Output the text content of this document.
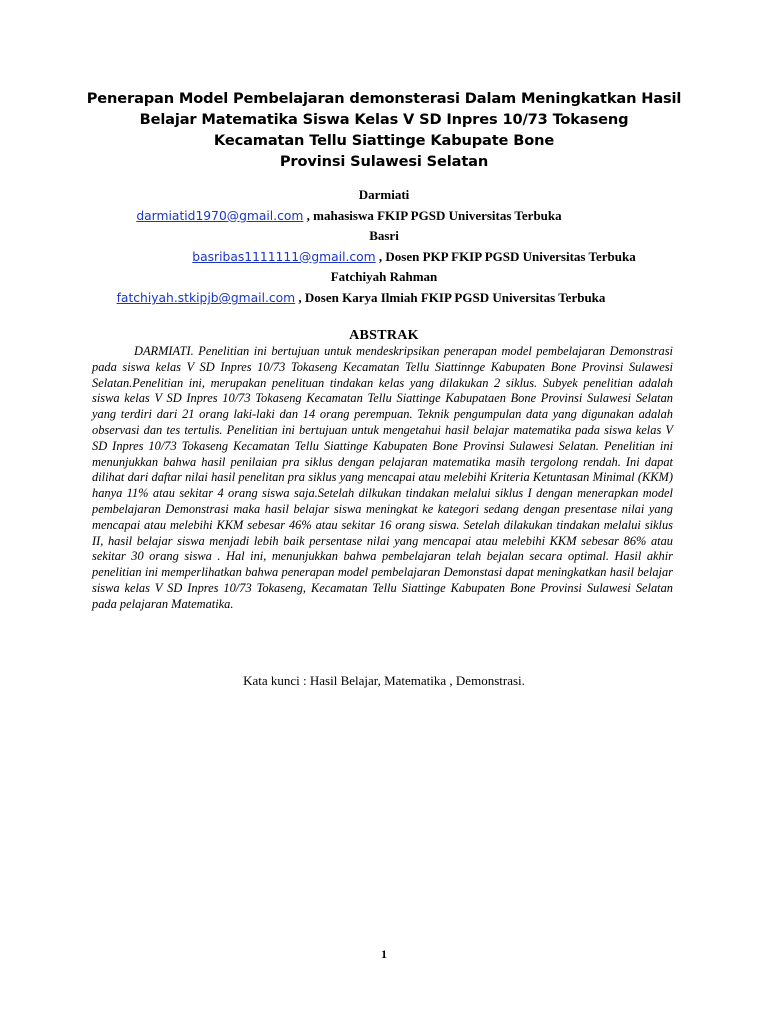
Penerapan Model Pembelajaran demonsterasi Dalam Meningkatkan Hasil
Belajar Matematika Siswa Kelas V SD Inpres 10/73 Tokaseng
Kecamatan Tellu Siattinge Kabupate Bone
Provinsi Sulawesi Selatan
Darmiati
darmiatid1970@gmail.com , mahasiswa FKIP PGSD Universitas Terbuka
Basri
basribas1111111@gmail.com , Dosen PKP FKIP PGSD Universitas Terbuka
Fatchiyah Rahman
fatchiyah.stkipjb@gmail.com , Dosen Karya Ilmiah FKIP PGSD Universitas Terbuka
ABSTRAK

DARMIATI. Penelitian ini bertujuan untuk mendeskripsikan penerapan model pembelajaran Demonstrasi pada siswa kelas V SD Inpres 10/73 Tokaseng Kecamatan Tellu Siattinnge Kabupaten Bone Provinsi Sulawesi Selatan.Penelitian ini, merupakan penelituan tindakan kelas yang dilakukan 2 siklus. Subyek penelitian adalah siswa kelas V SD Inpres 10/73 Tokaseng Kecamatan Tellu Siattinge Kabupataen Bone Provinsi Sulawesi Selatan yang terdiri dari 21 orang laki-laki dan 14 orang perempuan. Teknik pengumpulan data yang digunakan adalah observasi dan tes tertulis. Penelitian ini bertujuan untuk mengetahui hasil belajar matematika pada siswa kelas V SD Inpres 10/73 Tokaseng Kecamatan Tellu Siattinge Kabupaten Bone Provinsi Sulawesi Selatan. Penelitian ini menunjukkan bahwa hasil penilaian pra siklus dengan pelajaran matematika masih tergolong rendah. Ini dapat dilihat dari daftar nilai hasil penelitan pra siklus yang mencapai atau melebihi Kriteria Ketuntasan Minimal (KKM) hanya 11% atau sekitar 4 orang siswa saja.Setelah dilkukan tindakan melalui siklus I dengan menerapkan model pembelajaran Demonstrasi maka hasil belajar siswa meningkat ke kategori sedang dengan presentase nilai yang mencapai atau melebihi KKM sebesar 46% atau sekitar 16 orang siswa. Setelah dilakukan tindakan melalui siklus II, hasil belajar siswa menjadi lebih baik persentase nilai yang mencapai atau melebihi KKM sebesar 86% atau sekitar 30 orang siswa . Hal ini, menunjukkan bahwa pembelajaran telah bejalan secara optimal. Hasil akhir penelitian ini memperlihatkan bahwa penerapan model pembelajaran Demonstasi dapat meningkatkan hasil belajar siswa kelas V SD Inpres 10/73 Tokaseng, Kecamatan Tellu Siattinge Kabupaten Bone Provinsi Sulawesi Selatan pada pelajaran Matematika.

Kata kunci : Hasil Belajar, Matematika , Demonstrasi.
1
